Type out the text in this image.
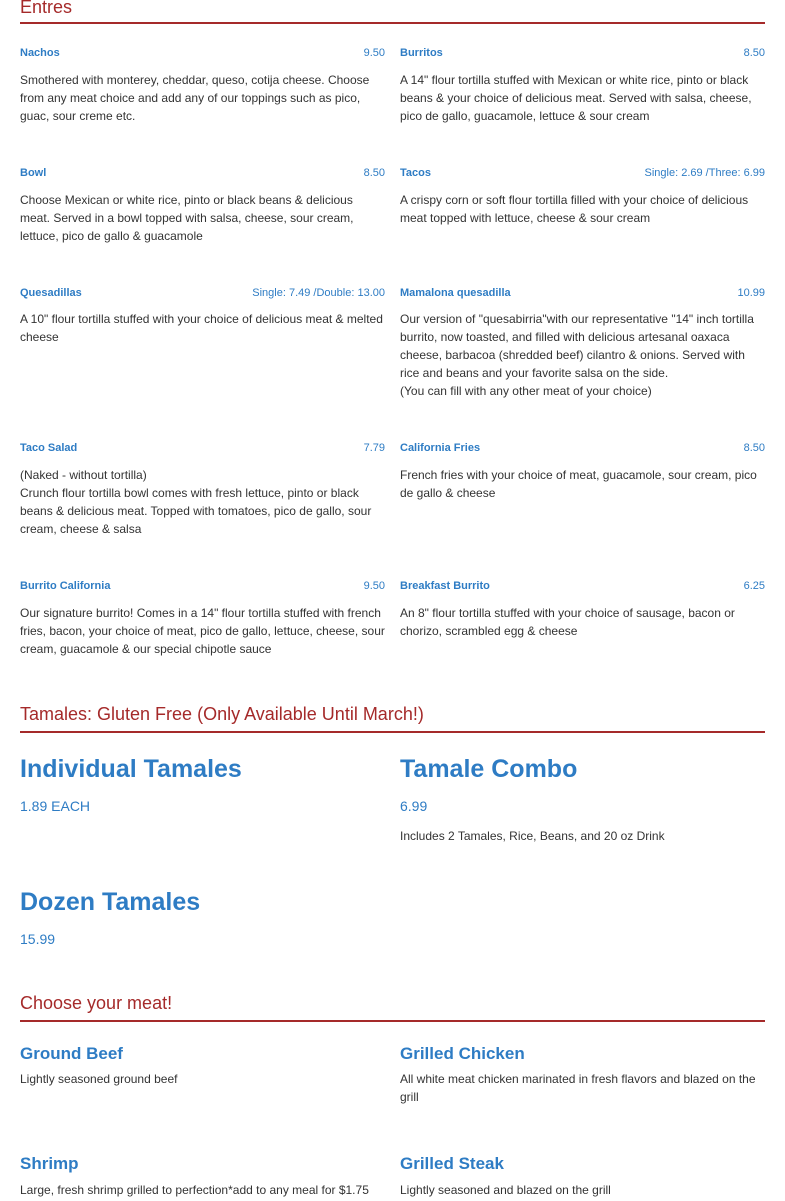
Entres
Nachos	9.50
Smothered with monterey, cheddar, queso, cotija cheese. Choose from any meat choice and add any of our toppings such as pico, guac, sour creme etc.
Burritos	8.50
A 14" flour tortilla stuffed with Mexican or white rice, pinto or black beans & your choice of delicious meat. Served with salsa, cheese, pico de gallo, guacamole, lettuce & sour cream
Bowl	8.50
Choose Mexican or white rice, pinto or black beans & delicious meat. Served in a bowl topped with salsa, cheese, sour cream, lettuce, pico de gallo & guacamole
Tacos	Single: 2.69 /Three: 6.99
A crispy corn or soft flour tortilla filled with your choice of delicious meat topped with lettuce, cheese & sour cream
Quesadillas	Single: 7.49 /Double: 13.00
A 10" flour tortilla stuffed with your choice of delicious meat & melted cheese
Mamalona quesadilla	10.99
Our version of "quesabirria"with our representative "14" inch tortilla burrito, now toasted, and filled with delicious artesanal oaxaca cheese, barbacoa (shredded beef) cilantro & onions. Served with rice and beans and your favorite salsa on the side.
(You can fill with any other meat of your choice)
Taco Salad	7.79
(Naked - without tortilla)
Crunch flour tortilla bowl comes with fresh lettuce, pinto or black beans & delicious meat. Topped with tomatoes, pico de gallo, sour cream, cheese & salsa
California Fries	8.50
French fries with your choice of meat, guacamole, sour cream, pico de gallo & cheese
Burrito California	9.50
Our signature burrito! Comes in a 14" flour tortilla stuffed with french fries, bacon, your choice of meat, pico de gallo, lettuce, cheese, sour cream, guacamole & our special chipotle sauce
Breakfast Burrito	6.25
An 8" flour tortilla stuffed with your choice of sausage, bacon or chorizo, scrambled egg & cheese
Tamales: Gluten Free (Only Available Until March!)
Individual Tamales
1.89 EACH
Tamale Combo
6.99
Includes 2 Tamales, Rice, Beans, and 20 oz Drink
Dozen Tamales
15.99
Choose your meat!
Ground Beef
Lightly seasoned ground beef
Grilled Chicken
All white meat chicken marinated in fresh flavors and blazed on the grill
Shrimp
Large, fresh shrimp grilled to perfection*add to any meal for $1.75
Grilled Steak
Lightly seasoned and blazed on the grill
